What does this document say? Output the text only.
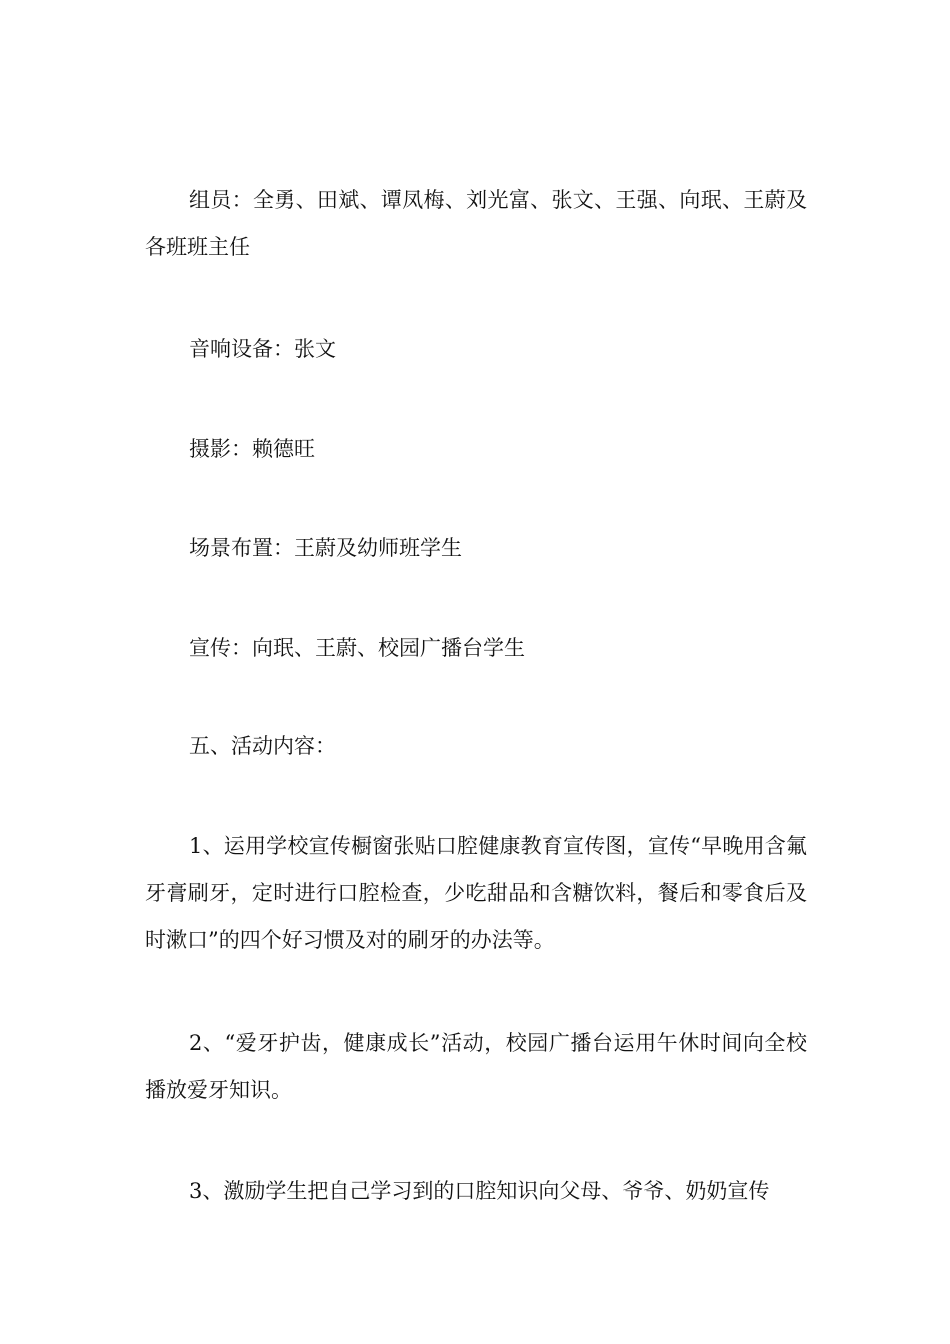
组员：全勇、田斌、谭凤梅、刘光富、张文、王强、向珉、王蔚及各班班主任

音响设备：张文

摄影：赖德旺

场景布置：王蔚及幼师班学生

宣传：向珉、王蔚、校园广播台学生

五、活动内容：

1、运用学校宣传橱窗张贴口腔健康教育宣传图，宣传“早晚用含氟牙膏刷牙，定时进行口腔检查，少吃甜品和含糖饮料，餐后和零食后及时漱口”的四个好习惯及对的刷牙的办法等。

2、“爱牙护齿，健康成长”活动，校园广播台运用午休时间向全校播放爱牙知识。

3、激励学生把自己学习到的口腔知识向父母、爷爷、奶奶宣传
